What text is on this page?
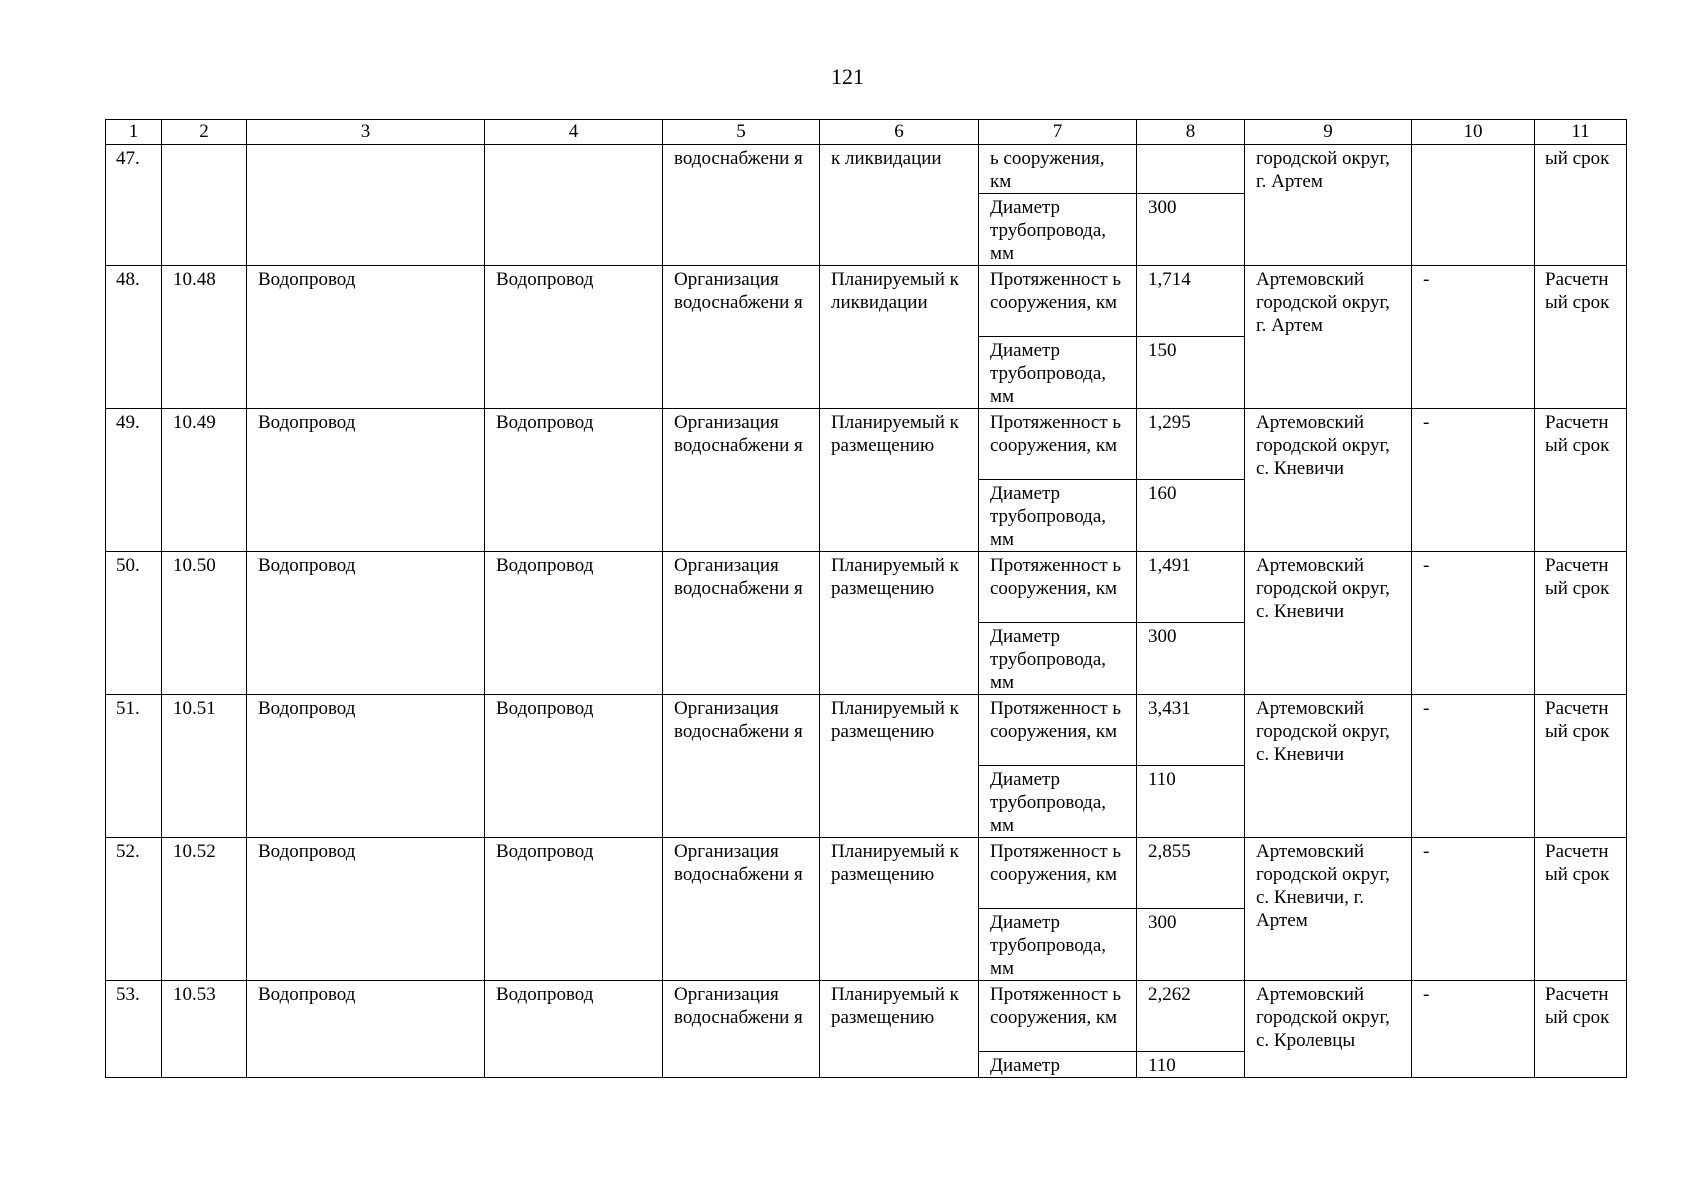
121
1	2	3	4	5	6	7	8	9	10	11
47.				водоснабжени я	к ликвидации	ь сооружения, км		городской округ, г. Артем		ый срок
						Диаметр трубопровода, мм	300			
48.	10.48	Водопровод	Водопровод	Организация водоснабжени я	Планируемый к ликвидации	Протяженност ь сооружения, км	1,714	Артемовский городской округ, г. Артем	-	Расчетн ый срок
						Диаметр трубопровода, мм	150			
49.	10.49	Водопровод	Водопровод	Организация водоснабжени я	Планируемый к размещению	Протяженност ь сооружения, км	1,295	Артемовский городской округ, с. Кневичи	-	Расчетн ый срок
						Диаметр трубопровода, мм	160			
50.	10.50	Водопровод	Водопровод	Организация водоснабжени я	Планируемый к размещению	Протяженност ь сооружения, км	1,491	Артемовский городской округ, с. Кневичи	-	Расчетн ый срок
						Диаметр трубопровода, мм	300			
51.	10.51	Водопровод	Водопровод	Организация водоснабжени я	Планируемый к размещению	Протяженност ь сооружения, км	3,431	Артемовский городской округ, с. Кневичи	-	Расчетн ый срок
						Диаметр трубопровода, мм	110			
52.	10.52	Водопровод	Водопровод	Организация водоснабжени я	Планируемый к размещению	Протяженност ь сооружения, км	2,855	Артемовский городской округ, с. Кневичи, г. Артем	-	Расчетн ый срок
						Диаметр трубопровода, мм	300			
53.	10.53	Водопровод	Водопровод	Организация водоснабжени я	Планируемый к размещению	Протяженност ь сооружения, км	2,262	Артемовский городской округ, с. Кролевцы	-	Расчетн ый срок
						Диаметр	110			
